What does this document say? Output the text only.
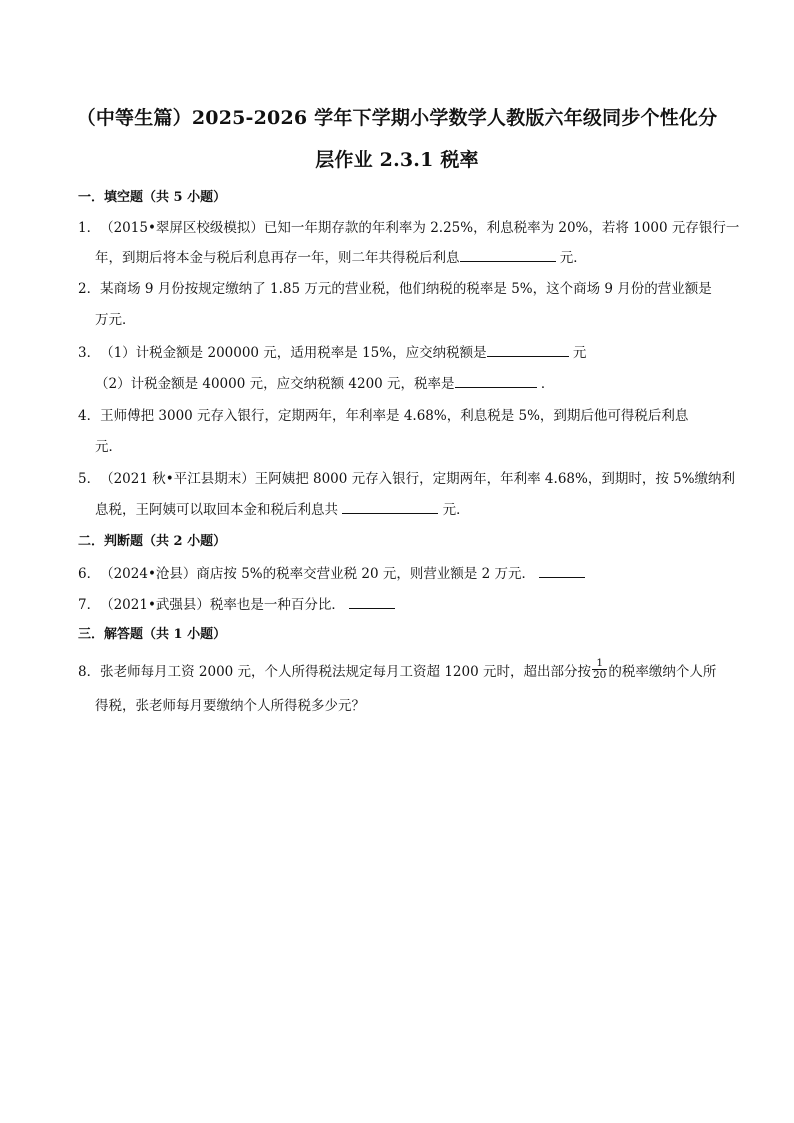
（中等生篇）2025-2026 学年下学期小学数学人教版六年级同步个性化分
层作业 2.3.1 税率
一．填空题（共 5 小题）
1．（2015•翠屏区校级模拟）已知一年期存款的年利率为 2.25%，利息税率为 20%，若将 1000 元存银行一
年，到期后将本金与税后利息再存一年，则二年共得税后利息	元．
2．某商场 9 月份按规定缴纳了 1.85 万元的营业税，他们纳税的税率是 5%，这个商场 9 月份的营业额是
万元．
3．（1）计税金额是 200000 元，适用税率是 15%，应交纳税额是	元
（2）计税金额是 40000 元，应交纳税额 4200 元，税率是	．
4．王师傅把 3000 元存入银行，定期两年，年利率是 4.68%，利息税是 5%，到期后他可得税后利息
元．
5．（2021 秋•平江县期末）王阿姨把 8000 元存入银行，定期两年，年利率 4.68%，到期时，按 5%缴纳利
息税，王阿姨可以取回本金和税后利息共	元．
二．判断题（共 2 小题）
6．（2024•沧县）商店按 5%的税率交营业税 20 元，则营业额是 2 万元．
7．（2021•武强县）税率也是一种百分比．
三．解答题（共 1 小题）
8．张老师每月工资 2000 元，个人所得税法规定每月工资超 1200 元时，超出部分按 $\frac{1}{20}$ 的税率缴纳个人所
得税，张老师每月要缴纳个人所得税多少元？
